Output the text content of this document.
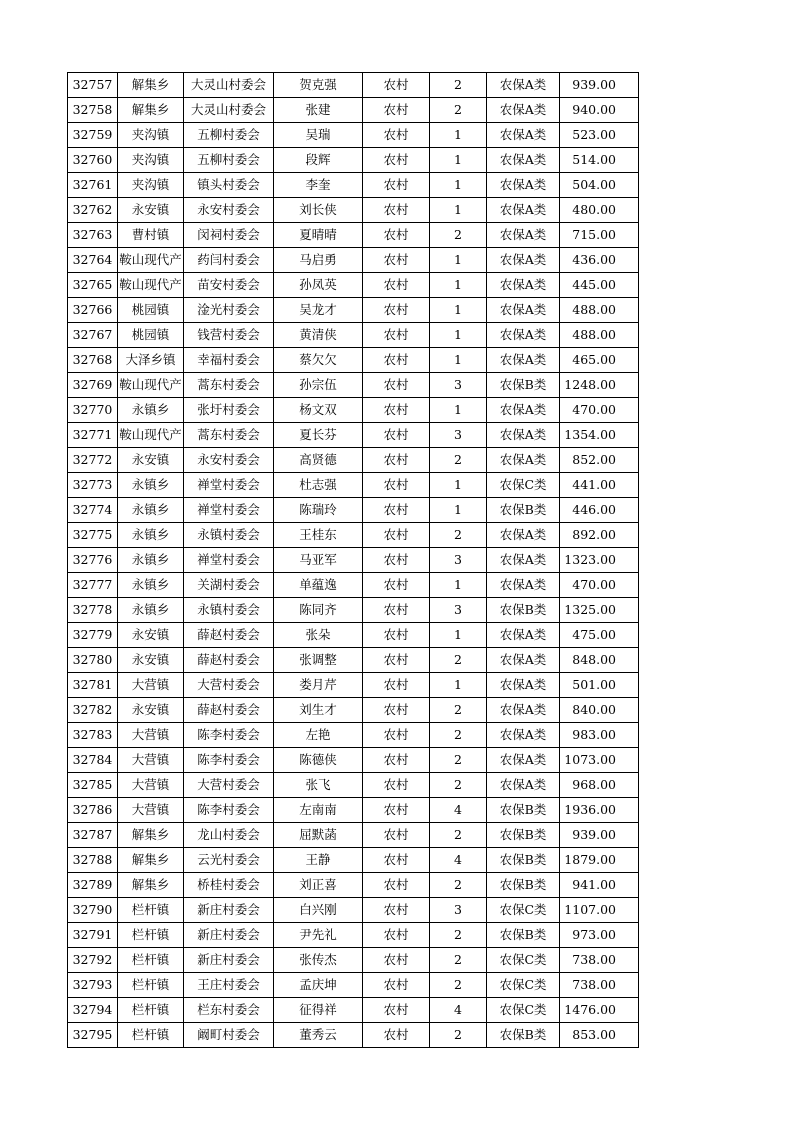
32757	解集乡	大灵山村委会	贺克强	农村	2	农保A类	939.00
32758	解集乡	大灵山村委会	张建	农村	2	农保A类	940.00
32759	夹沟镇	五柳村委会	吴瑞	农村	1	农保A类	523.00
32760	夹沟镇	五柳村委会	段辉	农村	1	农保A类	514.00
32761	夹沟镇	镇头村委会	李奎	农村	1	农保A类	504.00
32762	永安镇	永安村委会	刘长侠	农村	1	农保A类	480.00
32763	曹村镇	闵祠村委会	夏晴晴	农村	2	农保A类	715.00
32764	鞍山现代产	药闫村委会	马启勇	农村	1	农保A类	436.00
32765	鞍山现代产	苗安村委会	孙凤英	农村	1	农保A类	445.00
32766	桃园镇	淦光村委会	吴龙才	农村	1	农保A类	488.00
32767	桃园镇	钱营村委会	黄清侠	农村	1	农保A类	488.00
32768	大泽乡镇	幸福村委会	蔡欠欠	农村	1	农保A类	465.00
32769	鞍山现代产	蒿东村委会	孙宗伍	农村	3	农保B类	1248.00
32770	永镇乡	张圩村委会	杨文双	农村	1	农保A类	470.00
32771	鞍山现代产	蒿东村委会	夏长芬	农村	3	农保A类	1354.00
32772	永安镇	永安村委会	高贤德	农村	2	农保A类	852.00
32773	永镇乡	禅堂村委会	杜志强	农村	1	农保C类	441.00
32774	永镇乡	禅堂村委会	陈瑞玲	农村	1	农保B类	446.00
32775	永镇乡	永镇村委会	王桂东	农村	2	农保A类	892.00
32776	永镇乡	禅堂村委会	马亚军	农村	3	农保A类	1323.00
32777	永镇乡	关湖村委会	单蕴逸	农村	1	农保A类	470.00
32778	永镇乡	永镇村委会	陈同齐	农村	3	农保B类	1325.00
32779	永安镇	薛赵村委会	张朵	农村	1	农保A类	475.00
32780	永安镇	薛赵村委会	张调整	农村	2	农保A类	848.00
32781	大营镇	大营村委会	娄月芹	农村	1	农保A类	501.00
32782	永安镇	薛赵村委会	刘生才	农村	2	农保A类	840.00
32783	大营镇	陈李村委会	左艳	农村	2	农保A类	983.00
32784	大营镇	陈李村委会	陈德侠	农村	2	农保A类	1073.00
32785	大营镇	大营村委会	张飞	农村	2	农保A类	968.00
32786	大营镇	陈李村委会	左南南	农村	4	农保B类	1936.00
32787	解集乡	龙山村委会	屈默菡	农村	2	农保B类	939.00
32788	解集乡	云光村委会	王静	农村	4	农保B类	1879.00
32789	解集乡	桥桂村委会	刘正喜	农村	2	农保B类	941.00
32790	栏杆镇	新庄村委会	白兴刚	农村	3	农保C类	1107.00
32791	栏杆镇	新庄村委会	尹先礼	农村	2	农保B类	973.00
32792	栏杆镇	新庄村委会	张传杰	农村	2	农保C类	738.00
32793	栏杆镇	王庄村委会	孟庆坤	农村	2	农保C类	738.00
32794	栏杆镇	栏东村委会	征得祥	农村	4	农保C类	1476.00
32795	栏杆镇	阚町村委会	董秀云	农村	2	农保B类	853.00
